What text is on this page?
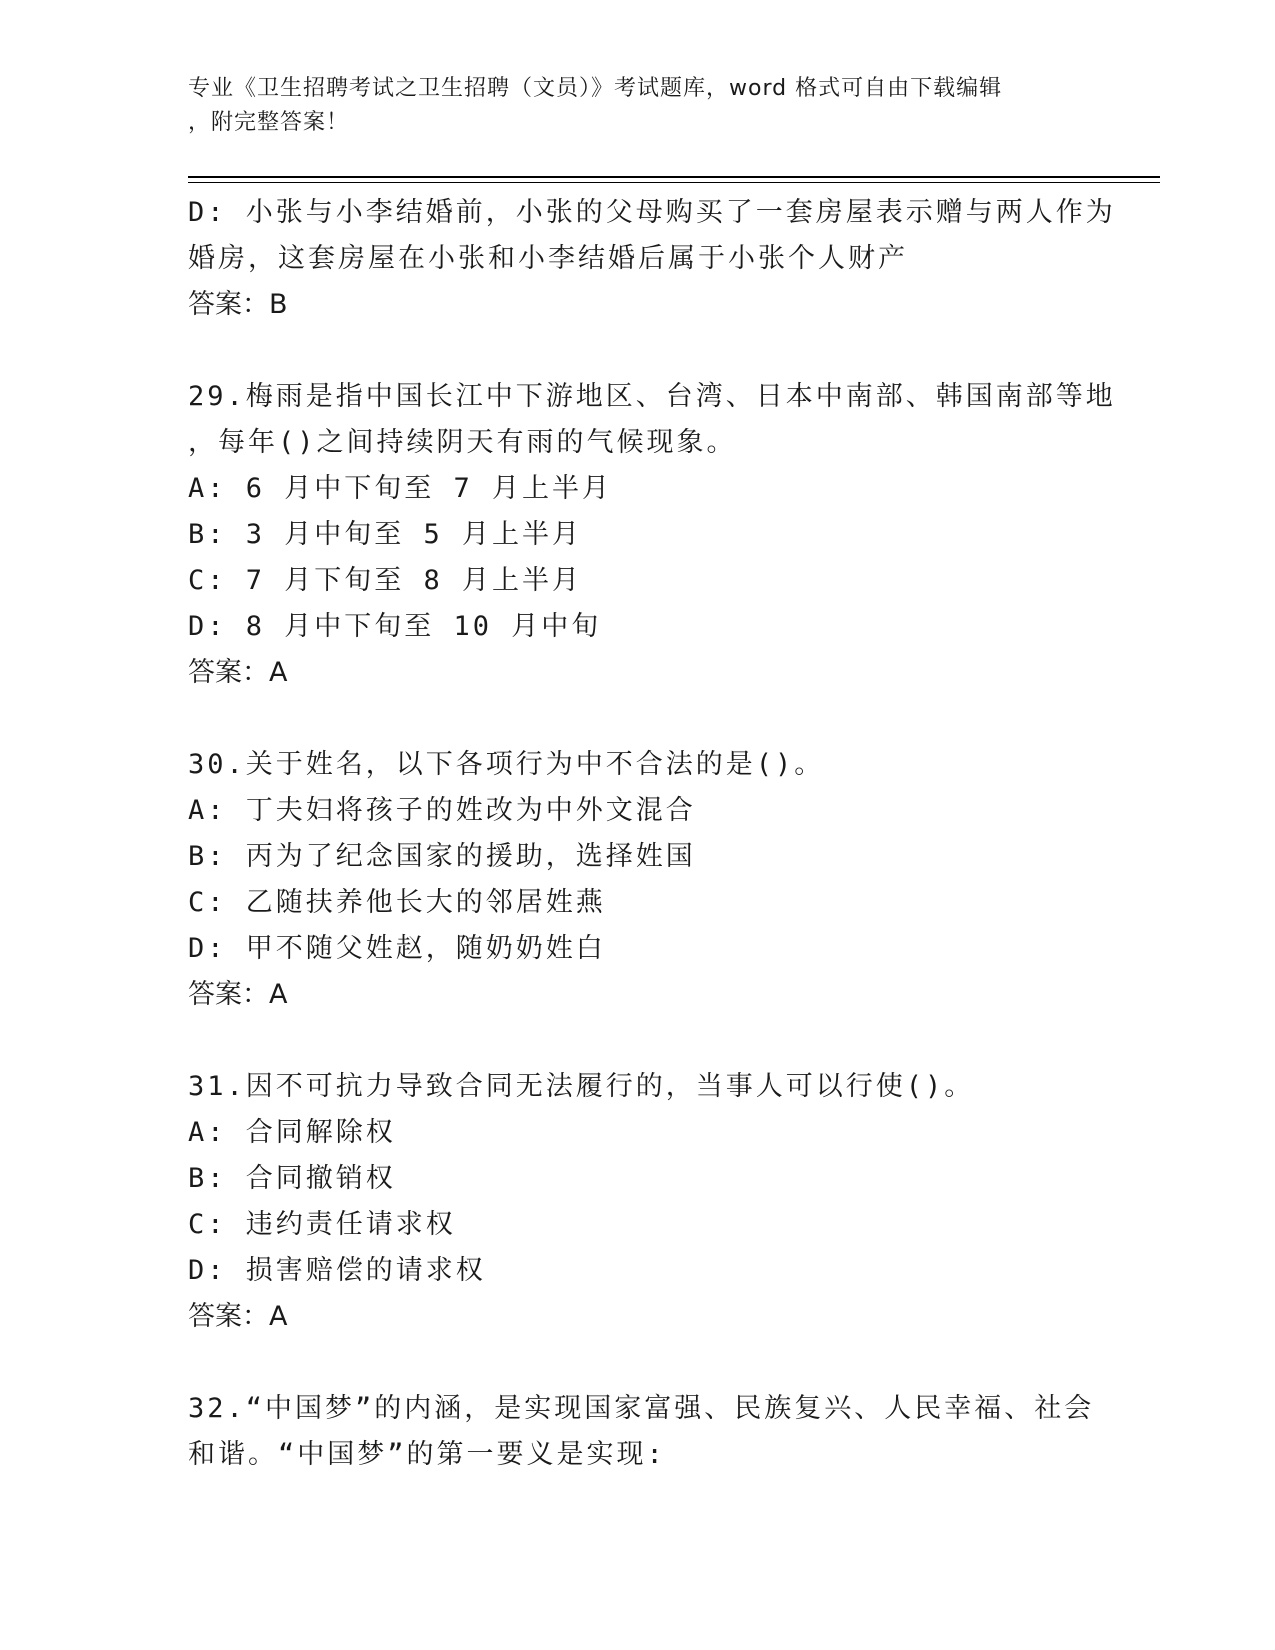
专业《卫生招聘考试之卫生招聘（文员）》考试题库，word 格式可自由下载编辑
，附完整答案！
D: 小张与小李结婚前，小张的父母购买了一套房屋表示赠与两人作为
婚房，这套房屋在小张和小李结婚后属于小张个人财产
答案：B
29.梅雨是指中国长江中下游地区、台湾、日本中南部、韩国南部等地
，每年()之间持续阴天有雨的气候现象。
A: 6 月中下旬至 7 月上半月
B: 3 月中旬至 5 月上半月
C: 7 月下旬至 8 月上半月
D: 8 月中下旬至 10 月中旬
答案：A
30.关于姓名，以下各项行为中不合法的是()。
A: 丁夫妇将孩子的姓改为中外文混合
B: 丙为了纪念国家的援助，选择姓国
C: 乙随扶养他长大的邻居姓燕
D: 甲不随父姓赵，随奶奶姓白
答案：A
31.因不可抗力导致合同无法履行的，当事人可以行使()。
A: 合同解除权
B: 合同撤销权
C: 违约责任请求权
D: 损害赔偿的请求权
答案：A
32.“中国梦”的内涵，是实现国家富强、民族复兴、人民幸福、社会
和谐。“中国梦”的第一要义是实现:
